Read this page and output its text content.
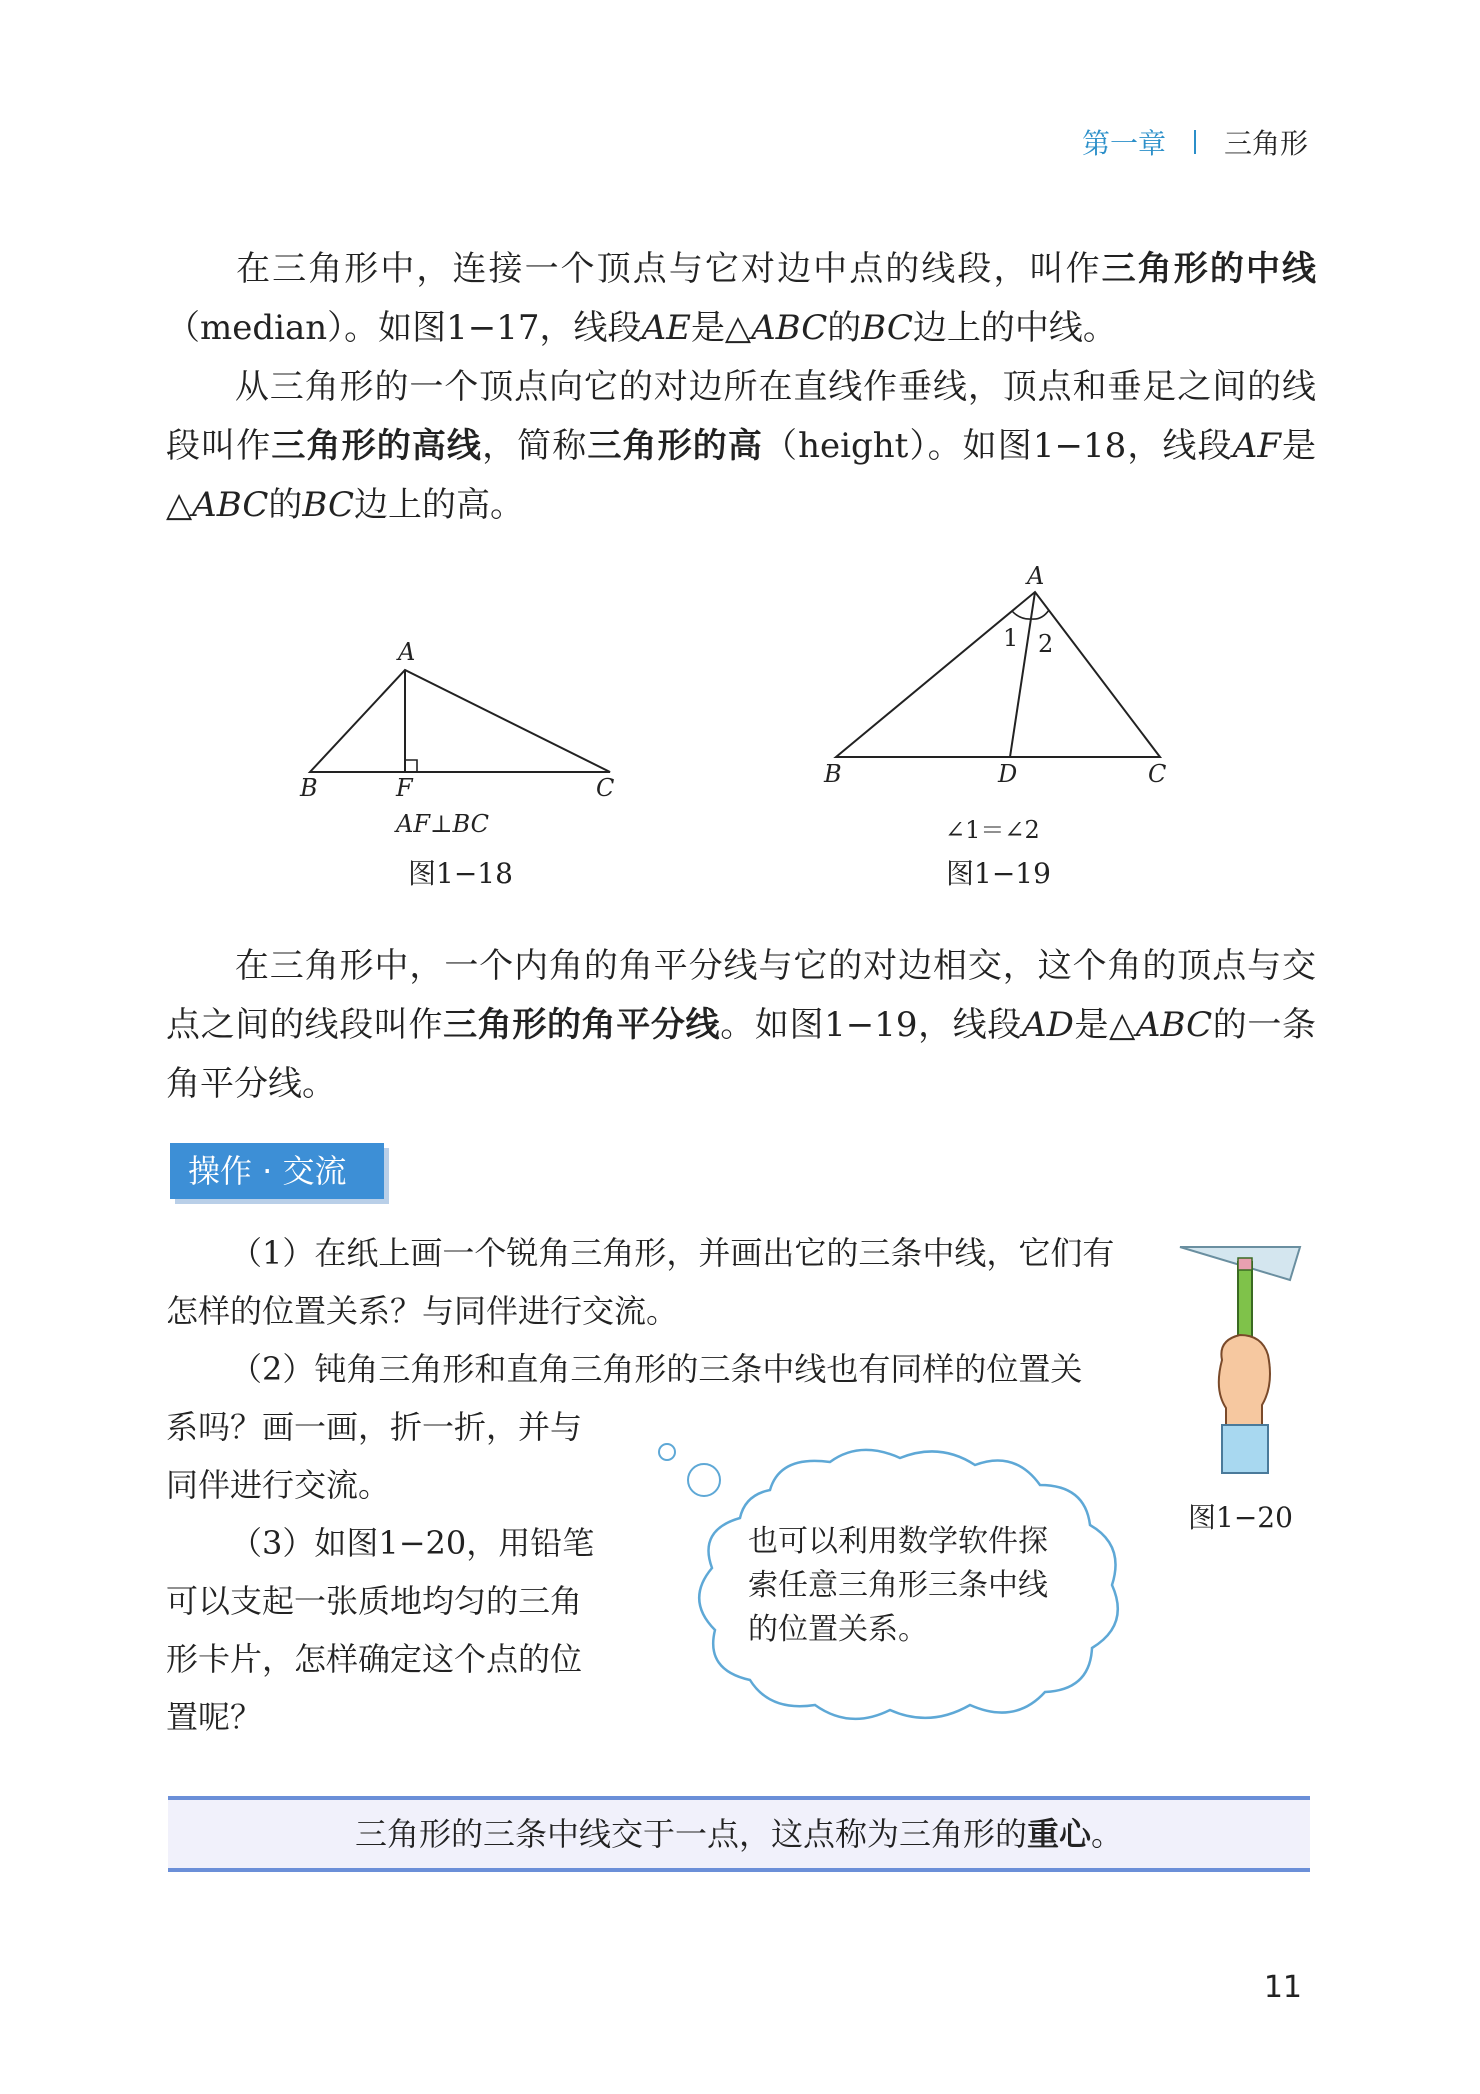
第一章 三角形
在三角形中，连接一个顶点与它对边中点的线段，叫作三角形的中线（median）。如图1−17，线段AE是△ABC的BC边上的中线。
从三角形的一个顶点向它的对边所在直线作垂线，顶点和垂足之间的线段叫作三角形的高线，简称三角形的高（height）。如图1−18，线段AF是△ABC的BC边上的高。
A
B	F	C
AF⊥BC
图1−18
A
1 2
B	D	C
∠1＝∠2
图1−19
在三角形中，一个内角的角平分线与它的对边相交，这个角的顶点与交点之间的线段叫作三角形的角平分线。如图1−19，线段AD是△ABC的一条角平分线。
操作 · 交流
（1）在纸上画一个锐角三角形，并画出它的三条中线，它们有怎样的位置关系？与同伴进行交流。
（2）钝角三角形和直角三角形的三条中线也有同样的位置关
系吗？画一画，折一折，并与
同伴进行交流。
（3）如图1−20，用铅笔
可以支起一张质地均匀的三角
形卡片，怎样确定这个点的位
置呢？
也可以利用数学软件探索任意三角形三条中线的位置关系。
图1−20
三角形的三条中线交于一点，这点称为三角形的重心。
11
